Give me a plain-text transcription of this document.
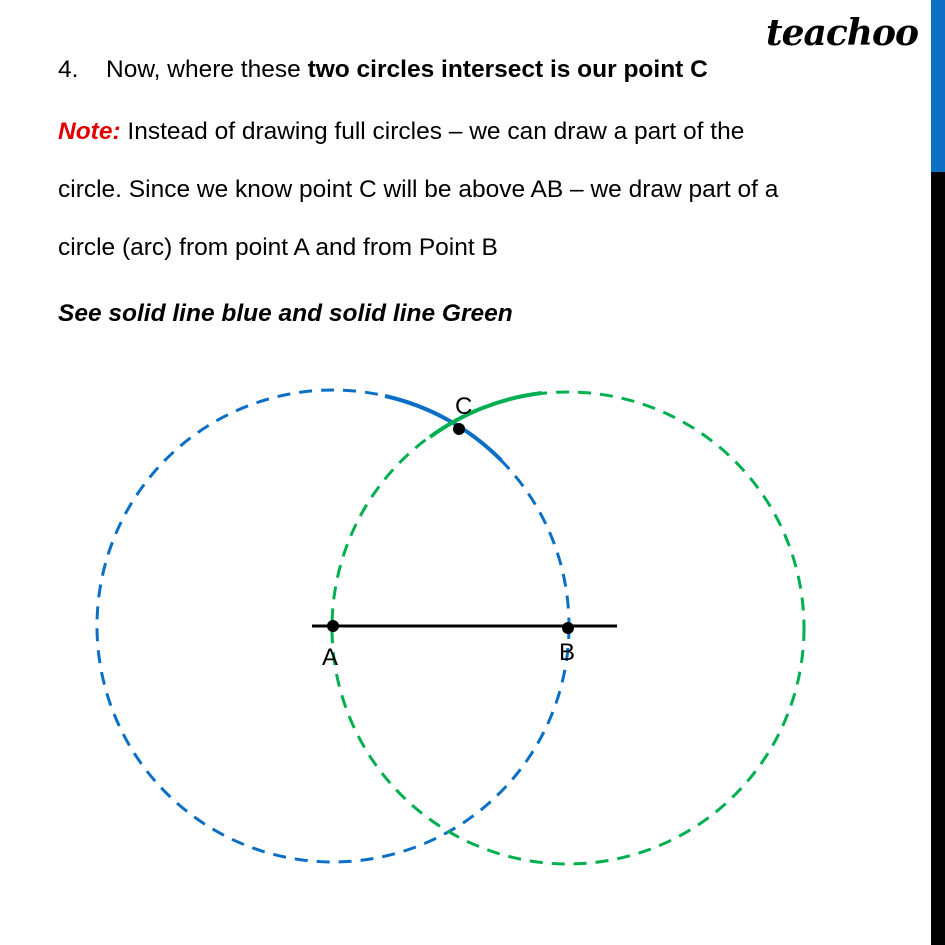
teachoo
4. Now, where these two circles intersect is our point C
Note: Instead of drawing full circles – we can draw a part of the
circle. Since we know point C will be above AB – we draw part of a
circle (arc) from point A and from Point B
See solid line blue and solid line Green
A	B
C
